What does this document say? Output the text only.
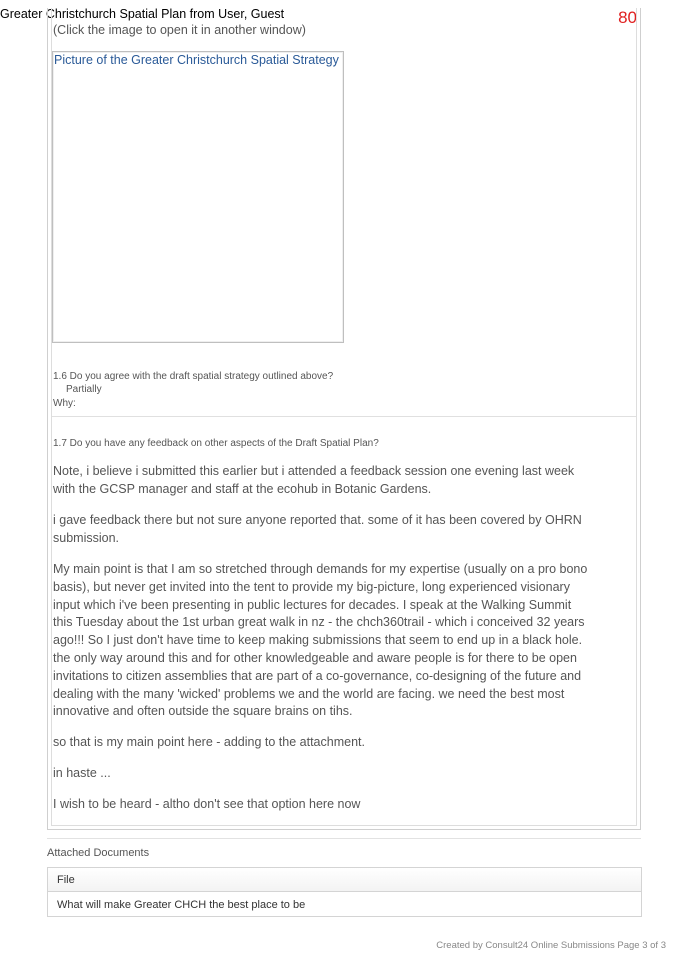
Greater Christchurch Spatial Plan from User, Guest	80
(Click the image to open it in another window)
Picture of the Greater Christchurch Spatial Strategy
1.6 Do you agree with the draft spatial strategy outlined above?
Partially
Why:
1.7 Do you have any feedback on other aspects of the Draft Spatial Plan?

Note, i believe i submitted this earlier but i attended a feedback session one evening last week with the GCSP manager and staff at the ecohub in Botanic Gardens.

i gave feedback there but not sure anyone reported that. some of it has been covered by OHRN submission.

My main point is that I am so stretched through demands for my expertise (usually on a pro bono basis), but never get invited into the tent to provide my big-picture, long experienced visionary input which i've been presenting in public lectures for decades. I speak at the Walking Summit this Tuesday about the 1st urban great walk in nz - the chch360trail - which i conceived 32 years ago!!! So I just don't have time to keep making submissions that seem to end up in a black hole. the only way around this and for other knowledgeable and aware people is for there to be open invitations to citizen assemblies that are part of a co-governance, co-designing of the future and dealing with the many 'wicked' problems we and the world are facing. we need the best most innovative and often outside the square brains on tihs.

so that is my main point here - adding to the attachment.

in haste ...

I wish to be heard - altho don't see that option here now

Attached Documents
File
What will make Greater CHCH the best place to be
Created by Consult24 Online Submissions Page 3 of 3
